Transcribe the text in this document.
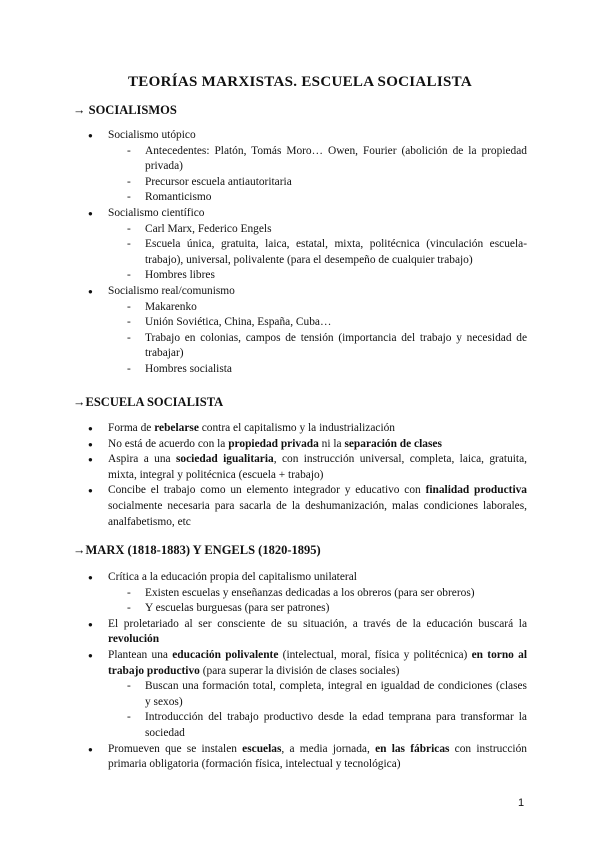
TEORÍAS MARXISTAS. ESCUELA SOCIALISTA
→ SOCIALISMOS
● Socialismo utópico
- Antecedentes: Platón, Tomás Moro… Owen, Fourier (abolición de la propiedad privada)
- Precursor escuela antiautoritaria
- Romanticismo
● Socialismo científico
- Carl Marx, Federico Engels
- Escuela única, gratuita, laica, estatal, mixta, politécnica (vinculación escuela-trabajo), universal, polivalente (para el desempeño de cualquier trabajo)
- Hombres libres
● Socialismo real/comunismo
- Makarenko
- Unión Soviética, China, España, Cuba…
- Trabajo en colonias, campos de tensión (importancia del trabajo y necesidad de trabajar)
- Hombres socialista
→ESCUELA SOCIALISTA
● Forma de rebelarse contra el capitalismo y la industrialización
● No está de acuerdo con la propiedad privada ni la separación de clases
● Aspira a una sociedad igualitaria, con instrucción universal, completa, laica, gratuita, mixta, integral y politécnica (escuela + trabajo)
● Concibe el trabajo como un elemento integrador y educativo con finalidad productiva socialmente necesaria para sacarla de la deshumanización, malas condiciones laborales, analfabetismo, etc
→MARX (1818-1883) Y ENGELS (1820-1895)
● Crítica a la educación propia del capitalismo unilateral
- Existen escuelas y enseñanzas dedicadas a los obreros (para ser obreros)
- Y escuelas burguesas (para ser patrones)
● El proletariado al ser consciente de su situación, a través de la educación buscará la revolución
● Plantean una educación polivalente (intelectual, moral, física y politécnica) en torno al trabajo productivo (para superar la división de clases sociales)
- Buscan una formación total, completa, integral en igualdad de condiciones (clases y sexos)
- Introducción del trabajo productivo desde la edad temprana para transformar la sociedad
● Promueven que se instalen escuelas, a media jornada, en las fábricas con instrucción primaria obligatoria (formación física, intelectual y tecnológica)
1
